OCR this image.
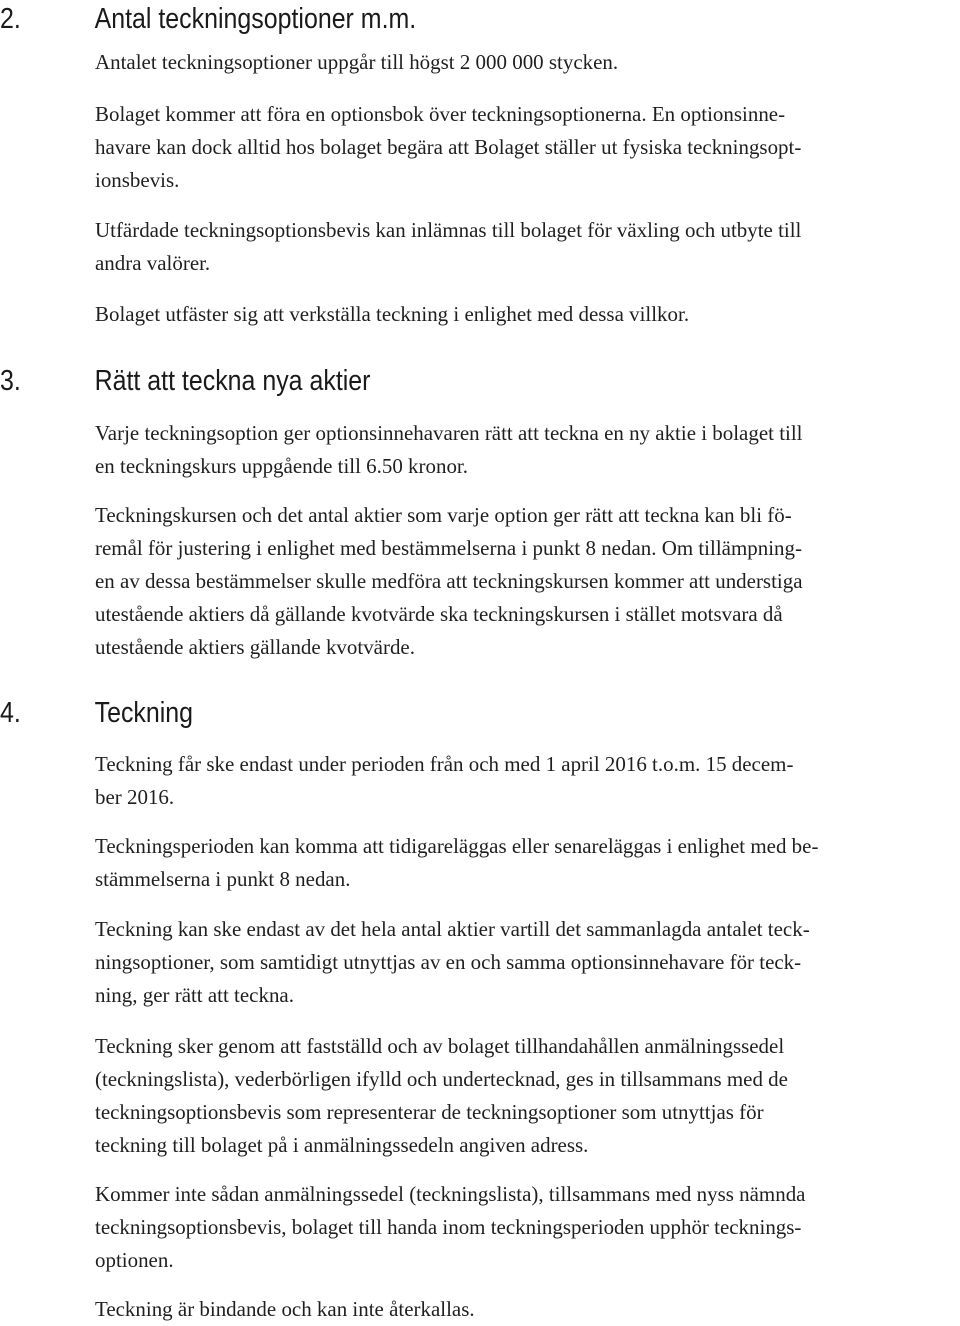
2.	Antal teckningsoptioner m.m.
Antalet teckningsoptioner uppgår till högst 2 000 000 stycken.
Bolaget kommer att föra en optionsbok över teckningsoptionerna. En optionsinne-
havare kan dock alltid hos bolaget begära att Bolaget ställer ut fysiska teckningsopt-
ionsbevis.
Utfärdade teckningsoptionsbevis kan inlämnas till bolaget för växling och utbyte till
andra valörer.
Bolaget utfäster sig att verkställa teckning i enlighet med dessa villkor.
3.	Rätt att teckna nya aktier
Varje teckningsoption ger optionsinnehavaren rätt att teckna en ny aktie i bolaget till
en teckningskurs uppgående till 6.50 kronor.
Teckningskursen och det antal aktier som varje option ger rätt att teckna kan bli fö-
remål för justering i enlighet med bestämmelserna i punkt 8 nedan. Om tillämpning-
en av dessa bestämmelser skulle medföra att teckningskursen kommer att understiga
utestående aktiers då gällande kvotvärde ska teckningskursen i stället motsvara då
utestående aktiers gällande kvotvärde.
4.	Teckning
Teckning får ske endast under perioden från och med 1 april 2016 t.o.m. 15 decem-
ber 2016.
Teckningsperioden kan komma att tidigareläggas eller senareläggas i enlighet med be-
stämmelserna i punkt 8 nedan.
Teckning kan ske endast av det hela antal aktier vartill det sammanlagda antalet teck-
ningsoptioner, som samtidigt utnyttjas av en och samma optionsinnehavare för teck-
ning, ger rätt att teckna.
Teckning sker genom att fastställd och av bolaget tillhandahållen anmälningssedel
(teckningslista), vederbörligen ifylld och undertecknad, ges in tillsammans med de
teckningsoptionsbevis som representerar de teckningsoptioner som utnyttjas för
teckning till bolaget på i anmälningssedeln angiven adress.
Kommer inte sådan anmälningssedel (teckningslista), tillsammans med nyss nämnda
teckningsoptionsbevis, bolaget till handa inom teckningsperioden upphör tecknings-
optionen.
Teckning är bindande och kan inte återkallas.
